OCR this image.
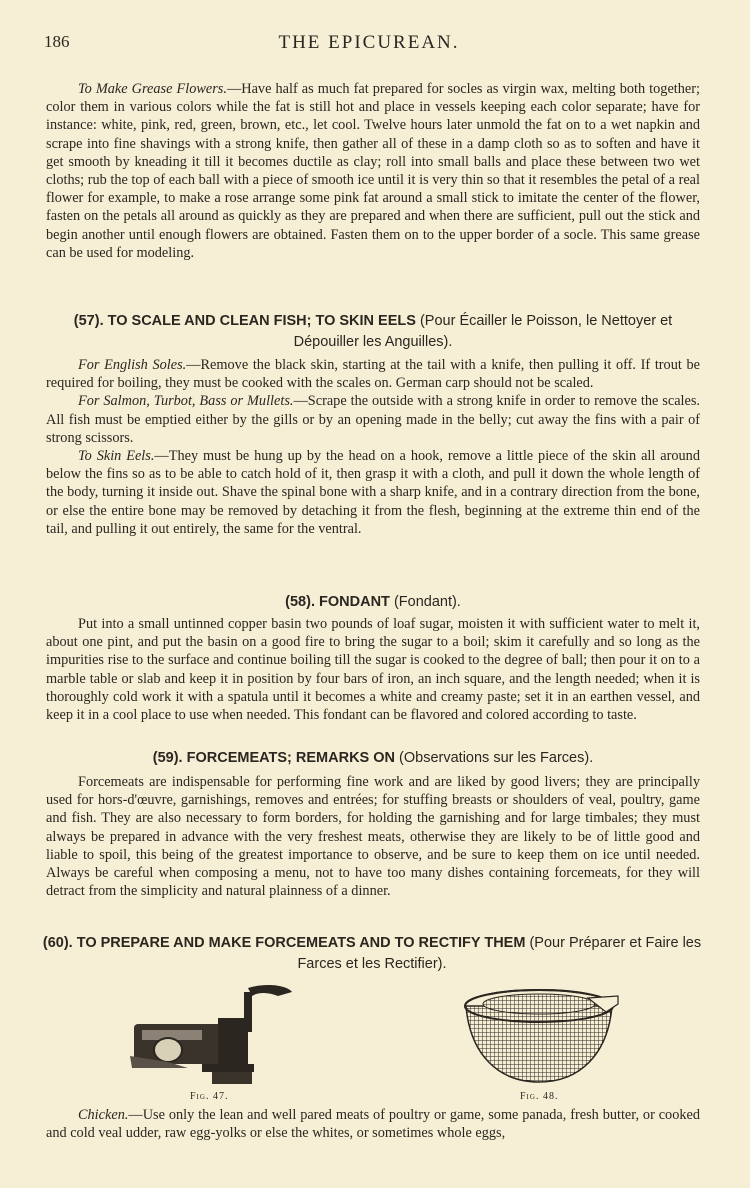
186	THE EPICUREAN.

To Make Grease Flowers.—Have half as much fat prepared for socles as virgin wax, melting both together; color them in various colors while the fat is still hot and place in vessels keeping each color separate; have for instance: white, pink, red, green, brown, etc., let cool. Twelve hours later unmold the fat on to a wet napkin and scrape into fine shavings with a strong knife, then gather all of these in a damp cloth so as to soften and have it get smooth by kneading it till it becomes ductile as clay; roll into small balls and place these between two wet cloths; rub the top of each ball with a piece of smooth ice until it is very thin so that it resembles the petal of a real flower for example, to make a rose arrange some pink fat around a small stick to imitate the center of the flower, fasten on the petals all around as quickly as they are prepared and when there are sufficient, pull out the stick and begin another until enough flowers are obtained. Fasten them on to the upper border of a socle. This same grease can be used for modeling.

(57). TO SCALE AND CLEAN FISH; TO SKIN EELS (Pour Écailler le Poisson, le Nettoyer et Dépouiller les Anguilles).

For English Soles.—Remove the black skin, starting at the tail with a knife, then pulling it off. If trout be required for boiling, they must be cooked with the scales on. German carp should not be scaled.

For Salmon, Turbot, Bass or Mullets.—Scrape the outside with a strong knife in order to remove the scales. All fish must be emptied either by the gills or by an opening made in the belly; cut away the fins with a pair of strong scissors.

To Skin Eels.—They must be hung up by the head on a hook, remove a little piece of the skin all around below the fins so as to be able to catch hold of it, then grasp it with a cloth, and pull it down the whole length of the body, turning it inside out. Shave the spinal bone with a sharp knife, and in a contrary direction from the bone, or else the entire bone may be removed by detaching it from the flesh, beginning at the extreme thin end of the tail, and pulling it out entirely, the same for the ventral.

(58). FONDANT (Fondant).

Put into a small untinned copper basin two pounds of loaf sugar, moisten it with sufficient water to melt it, about one pint, and put the basin on a good fire to bring the sugar to a boil; skim it carefully and so long as the impurities rise to the surface and continue boiling till the sugar is cooked to the degree of ball; then pour it on to a marble table or slab and keep it in position by four bars of iron, an inch square, and the length needed; when it is thoroughly cold work it with a spatula until it becomes a white and creamy paste; set it in an earthen vessel, and keep it in a cool place to use when needed. This fondant can be flavored and colored according to taste.

(59). FORCEMEATS; REMARKS ON (Observations sur les Farces).

Forcemeats are indispensable for performing fine work and are liked by good livers; they are principally used for hors-d'œuvre, garnishings, removes and entrées; for stuffing breasts or shoulders of veal, poultry, game and fish. They are also necessary to form borders, for holding the garnishing and for large timbales; they must always be prepared in advance with the very freshest meats, otherwise they are likely to be of little good and liable to spoil, this being of the greatest importance to observe, and be sure to keep them on ice until needed. Always be careful when composing a menu, not to have too many dishes containing forcemeats, for they will detract from the simplicity and natural plainness of a dinner.

(60). TO PREPARE AND MAKE FORCEMEATS AND TO RECTIFY THEM (Pour Préparer et Faire les Farces et les Rectifier).
Fig. 47.	Fig. 48.

Chicken.—Use only the lean and well pared meats of poultry or game, some panada, fresh butter, or cooked and cold veal udder, raw egg-yolks or else the whites, or sometimes whole eggs,
